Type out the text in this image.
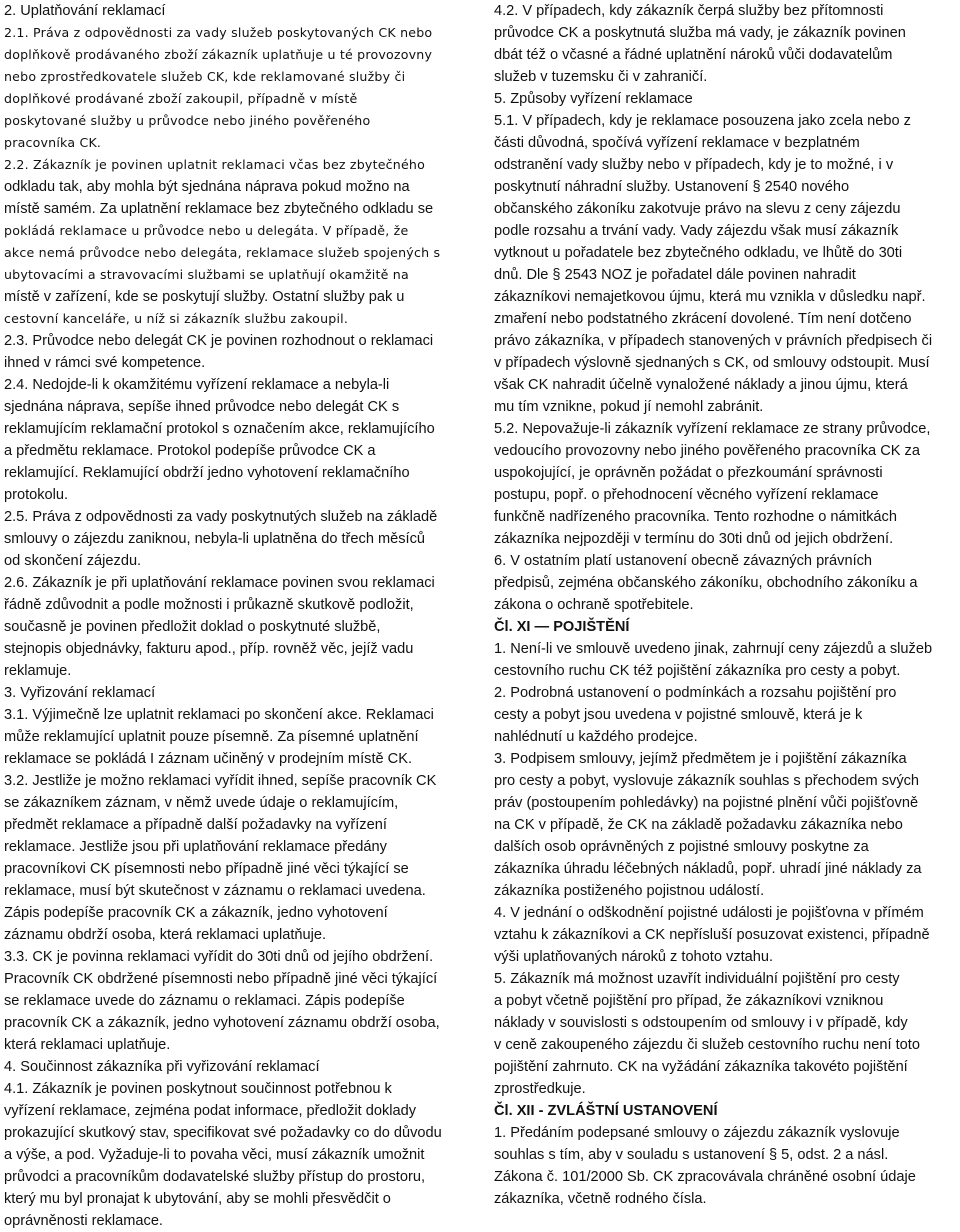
2. Uplatňování reklamací
2.1. Práva z odpovědnosti za vady služeb poskytovaných CK nebo
doplňkově prodávaného zboží zákazník uplatňuje u té provozovny
nebo zprostředkovatele služeb CK, kde reklamované služby či
doplňkové prodávané zboží zakoupil, případně v místě
poskytované služby u průvodce nebo jiného pověřeného
pracovníka CK.
2.2. Zákazník je povinen uplatnit reklamaci včas bez zbytečného
odkladu tak, aby mohla být sjednána náprava pokud možno na
místě samém. Za uplatnění reklamace bez zbytečného odkladu se
pokládá reklamace u průvodce nebo u delegáta. V případě, že
akce nemá průvodce nebo delegáta, reklamace služeb spojených s
ubytovacími a stravovacími službami se uplatňují okamžitě na
místě v zařízení, kde se poskytují služby. Ostatní služby pak u
cestovní kanceláře, u níž si zákazník službu zakoupil.
2.3. Průvodce nebo delegát CK je povinen rozhodnout o reklamaci
ihned v rámci své kompetence.
2.4. Nedojde-li k okamžitému vyřízení reklamace a nebyla-li
sjednána náprava, sepíše ihned průvodce nebo delegát CK s
reklamujícím reklamační protokol s označením akce, reklamujícího
a předmětu reklamace. Protokol podepíše průvodce CK a
reklamující. Reklamující obdrží jedno vyhotovení reklamačního
protokolu.
2.5. Práva z odpovědnosti za vady poskytnutých služeb na základě
smlouvy o zájezdu zaniknou, nebyla-li uplatněna do třech měsíců
od skončení zájezdu.
2.6. Zákazník je při uplatňování reklamace povinen svou reklamaci
řádně zdůvodnit a podle možnosti i průkazně skutkově podložit,
současně je povinen předložit doklad o poskytnuté službě,
stejnopis objednávky, fakturu apod., příp. rovněž věc, jejíž vadu
reklamuje.
3. Vyřizování reklamací
3.1. Výjimečně lze uplatnit reklamaci po skončení akce. Reklamaci
může reklamující uplatnit pouze písemně. Za písemné uplatnění
reklamace se pokládá I záznam učiněný v prodejním místě CK.
3.2. Jestliže je možno reklamaci vyřídit ihned, sepíše pracovník CK
se zákazníkem záznam, v němž uvede údaje o reklamujícím,
předmět reklamace a případně další požadavky na vyřízení
reklamace. Jestliže jsou při uplatňování reklamace předány
pracovníkovi CK písemnosti nebo případně jiné věci týkající se
reklamace, musí být skutečnost v záznamu o reklamaci uvedena.
Zápis podepíše pracovník CK a zákazník, jedno vyhotovení
záznamu obdrží osoba, která reklamaci uplatňuje.
3.3. CK je povinna reklamaci vyřídit do 30ti dnů od jejího obdržení.
Pracovník CK obdržené písemnosti nebo případně jiné věci týkající
se reklamace uvede do záznamu o reklamaci. Zápis podepíše
pracovník CK a zákazník, jedno vyhotovení záznamu obdrží osoba,
která reklamaci uplatňuje.
4. Součinnost zákazníka při vyřizování reklamací
4.1. Zákazník je povinen poskytnout součinnost potřebnou k
vyřízení reklamace, zejména podat informace, předložit doklady
prokazující skutkový stav, specifikovat své požadavky co do důvodu
a výše, a pod. Vyžaduje-li to povaha věci, musí zákazník umožnit
průvodci a pracovníkům dodavatelské služby přístup do prostoru,
který mu byl pronajat k ubytování, aby se mohli přesvědčit o
oprávněnosti reklamace.
4.2. V případech, kdy zákazník čerpá služby bez přítomnosti
průvodce CK a poskytnutá služba má vady, je zákazník povinen
dbát též o včasné a řádné uplatnění nároků vůči dodavatelům
služeb v tuzemsku či v zahraničí.
5. Způsoby vyřízení reklamace
5.1. V případech, kdy je reklamace posouzena jako zcela nebo z
části důvodná, spočívá vyřízení reklamace v bezplatném
odstranění vady služby nebo v případech, kdy je to možné, i v
poskytnutí náhradní služby. Ustanovení § 2540 nového
občanského zákoníku zakotvuje právo na slevu z ceny zájezdu
podle rozsahu a trvání vady. Vady zájezdu však musí zákazník
vytknout u pořadatele bez zbytečného odkladu, ve lhůtě do 30ti
dnů. Dle § 2543 NOZ je pořadatel dále povinen nahradit
zákazníkovi nemajetkovou újmu, která mu vznikla v důsledku např.
zmaření nebo podstatného zkrácení dovolené. Tím není dotčeno
právo zákazníka, v případech stanovených v právních předpisech či
v případech výslovně sjednaných s CK, od smlouvy odstoupit. Musí
však CK nahradit účelně vynaložené náklady a jinou újmu, která
mu tím vznikne, pokud jí nemohl zabránit.
5.2. Nepovažuje-li zákazník vyřízení reklamace ze strany průvodce,
vedoucího provozovny nebo jiného pověřeného pracovníka CK za
uspokojující, je oprávněn požádat o přezkoumání správnosti
postupu, popř. o přehodnocení věcného vyřízení reklamace
funkčně nadřízeného pracovníka. Tento rozhodne o námitkách
zákazníka nejpozději v termínu do 30ti dnů od jejich obdržení.
6. V ostatním platí ustanovení obecně závazných právních
předpisů, zejména občanského zákoníku, obchodního zákoníku a
zákona o ochraně spotřebitele.
Čl. XI — POJIŠTĚNÍ
1. Není-li ve smlouvě uvedeno jinak, zahrnují ceny zájezdů a služeb
cestovního ruchu CK též pojištění zákazníka pro cesty a pobyt.
2. Podrobná ustanovení o podmínkách a rozsahu pojištění pro
cesty a pobyt jsou uvedena v pojistné smlouvě, která je k
nahlédnutí u každého prodejce.
3. Podpisem smlouvy, jejímž předmětem je i pojištění zákazníka
pro cesty a pobyt, vyslovuje zákazník souhlas s přechodem svých
práv (postoupením pohledávky) na pojistné plnění vůči pojišťovně
na CK v případě, že CK na základě požadavku zákazníka nebo
dalších osob oprávněných z pojistné smlouvy poskytne za
zákazníka úhradu léčebných nákladů, popř. uhradí jiné náklady za
zákazníka postiženého pojistnou událostí.
4. V jednání o odškodnění pojistné události je pojišťovna v přímém
vztahu k zákazníkovi a CK nepřísluší posuzovat existenci, případně
výši uplatňovaných nároků z tohoto vztahu.
5. Zákazník má možnost uzavřít individuální pojištění pro cesty
a pobyt včetně pojištění pro případ, že zákazníkovi vzniknou
náklady v souvislosti s odstoupením od smlouvy i v případě, kdy
v ceně zakoupeného zájezdu či služeb cestovního ruchu není toto
pojištění zahrnuto. CK na vyžádání zákazníka takovéto pojištění
zprostředkuje.
Čl. XII - ZVLÁŠTNÍ USTANOVENÍ
1. Předáním podepsané smlouvy o zájezdu zákazník vyslovuje
souhlas s tím, aby v souladu s ustanovení § 5, odst. 2 a násl.
Zákona č. 101/2000 Sb. CK zpracovávala chráněné osobní údaje
zákazníka, včetně rodného čísla.
